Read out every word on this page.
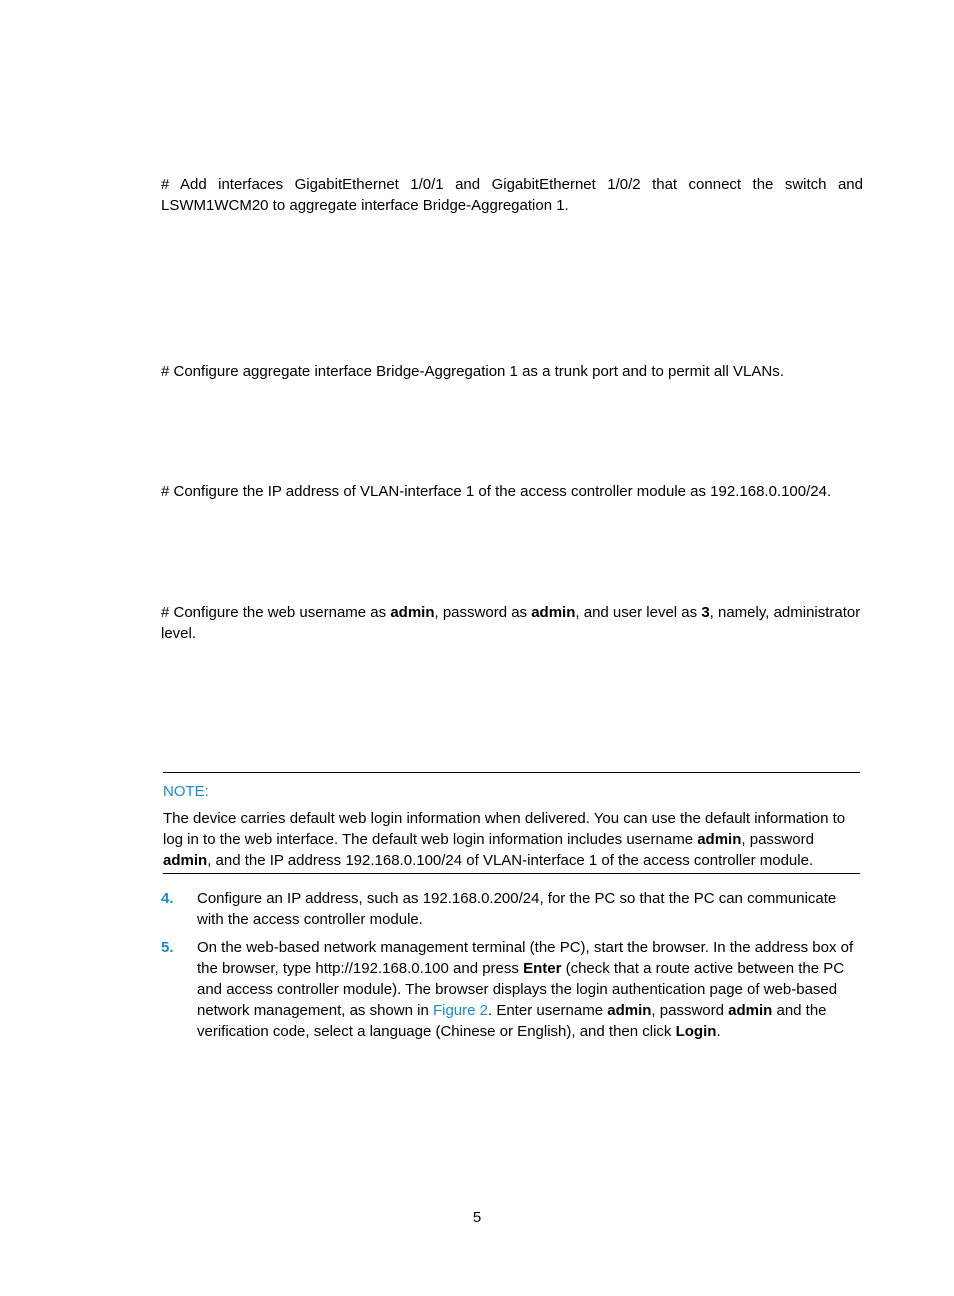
# Add interfaces GigabitEthernet 1/0/1 and GigabitEthernet 1/0/2 that connect the switch and LSWM1WCM20 to aggregate interface Bridge-Aggregation 1.

# Configure aggregate interface Bridge-Aggregation 1 as a trunk port and to permit all VLANs.

# Configure the IP address of VLAN-interface 1 of the access controller module as 192.168.0.100/24.

# Configure the web username as admin, password as admin, and user level as 3, namely, administrator level.

NOTE:
The device carries default web login information when delivered. You can use the default information to log in to the web interface. The default web login information includes username admin, password admin, and the IP address 192.168.0.100/24 of VLAN-interface 1 of the access controller module.
4. Configure an IP address, such as 192.168.0.200/24, for the PC so that the PC can communicate with the access controller module.
5. On the web-based network management terminal (the PC), start the browser. In the address box of the browser, type http://192.168.0.100 and press Enter (check that a route active between the PC and access controller module). The browser displays the login authentication page of web-based network management, as shown in Figure 2. Enter username admin, password admin and the verification code, select a language (Chinese or English), and then click Login.
5
